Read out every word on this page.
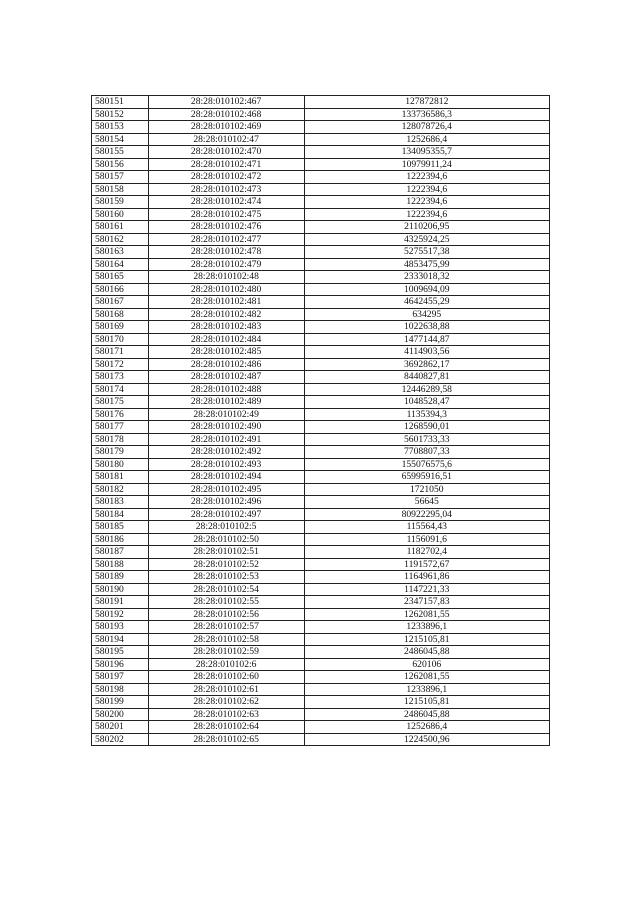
580151	28:28:010102:467	127872812
580152	28:28:010102:468	133736586,3
580153	28:28:010102:469	128078726,4
580154	28:28:010102:47	1252686,4
580155	28:28:010102:470	134095355,7
580156	28:28:010102:471	10979911,24
580157	28:28:010102:472	1222394,6
580158	28:28:010102:473	1222394,6
580159	28:28:010102:474	1222394,6
580160	28:28:010102:475	1222394,6
580161	28:28:010102:476	2110206,95
580162	28:28:010102:477	4325924,25
580163	28:28:010102:478	5275517,38
580164	28:28:010102:479	4853475,99
580165	28:28:010102:48	2333018,32
580166	28:28:010102:480	1009694,09
580167	28:28:010102:481	4642455,29
580168	28:28:010102:482	634295
580169	28:28:010102:483	1022638,88
580170	28:28:010102:484	1477144,87
580171	28:28:010102:485	4114903,56
580172	28:28:010102:486	3692862,17
580173	28:28:010102:487	8440827,81
580174	28:28:010102:488	12446289,58
580175	28:28:010102:489	1048528,47
580176	28:28:010102:49	1135394,3
580177	28:28:010102:490	1268590,01
580178	28:28:010102:491	5601733,33
580179	28:28:010102:492	7708807,33
580180	28:28:010102:493	155076575,6
580181	28:28:010102:494	65995916,51
580182	28:28:010102:495	1721050
580183	28:28:010102:496	56645
580184	28:28:010102:497	80922295,04
580185	28:28:010102:5	115564,43
580186	28:28:010102:50	1156091,6
580187	28:28:010102:51	1182702,4
580188	28:28:010102:52	1191572,67
580189	28:28:010102:53	1164961,86
580190	28:28:010102:54	1147221,33
580191	28:28:010102:55	2347157,83
580192	28:28:010102:56	1262081,55
580193	28:28:010102:57	1233896,1
580194	28:28:010102:58	1215105,81
580195	28:28:010102:59	2486045,88
580196	28:28:010102:6	620106
580197	28:28:010102:60	1262081,55
580198	28:28:010102:61	1233896,1
580199	28:28:010102:62	1215105,81
580200	28:28:010102:63	2486045,88
580201	28:28:010102:64	1252686,4
580202	28:28:010102:65	1224500,96
